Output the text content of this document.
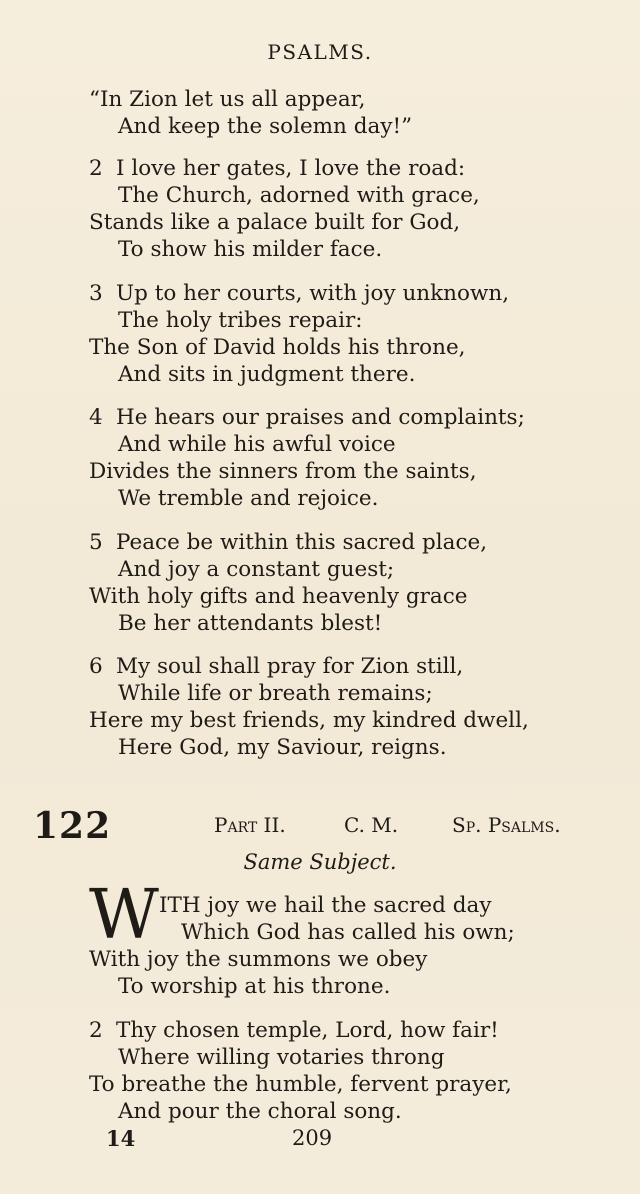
PSALMS.
“In Zion let us all appear,
And keep the solemn day!”
2 I love her gates, I love the road:
The Church, adorned with grace,
Stands like a palace built for God,
To show his milder face.
3 Up to her courts, with joy unknown,
The holy tribes repair:
The Son of David holds his throne,
And sits in judgment there.
4 He hears our praises and complaints;
And while his awful voice
Divides the sinners from the saints,
We tremble and rejoice.
5 Peace be within this sacred place,
And joy a constant guest;
With holy gifts and heavenly grace
Be her attendants blest!
6 My soul shall pray for Zion still,
While life or breath remains;
Here my best friends, my kindred dwell,
Here God, my Saviour, reigns.
122	Part II.	C. M.	Sp. Psalms.
Same Subject.
W ITH joy we hail the sacred day
Which God has called his own;
With joy the summons we obey
To worship at his throne.
2 Thy chosen temple, Lord, how fair!
Where willing votaries throng
To breathe the humble, fervent prayer,
And pour the choral song.
14	209
